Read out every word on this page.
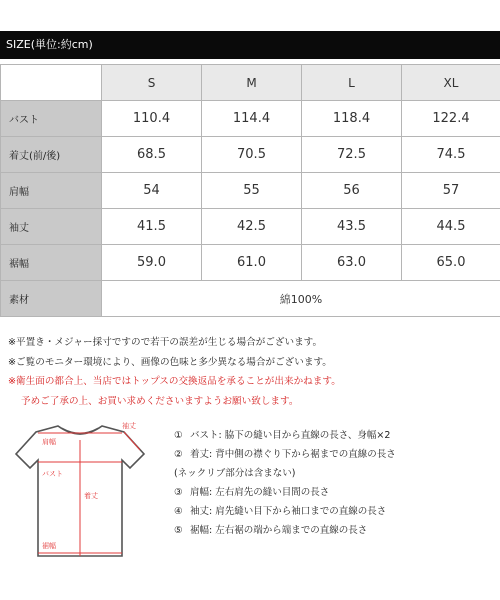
SIZE(単位:約cm)
	S	M	L	XL
バスト	110.4	114.4	118.4	122.4
着丈(前/後)	68.5	70.5	72.5	74.5
肩幅	54	55	56	57
袖丈	41.5	42.5	43.5	44.5
裾幅	59.0	61.0	63.0	65.0
素材	綿100%			
※平置き・メジャー採寸ですので若干の誤差が生じる場合がございます。
※ご覧のモニター環境により、画像の色味と多少異なる場合がございます。
※衛生面の都合上、当店ではトップスの交換返品を承ることが出来かねます。
予めご了承の上、お買い求めくださいますようお願い致します。
肩幅
袖丈
バスト
着丈
裾幅
① バスト: 脇下の縫い目から直線の長さ、身幅×2
② 着丈: 背中側の襟ぐり下から裾までの直線の長さ
(ネックリブ部分は含まない)
③ 肩幅: 左右肩先の縫い目間の長さ
④ 袖丈: 肩先縫い目下から袖口までの直線の長さ
⑤ 裾幅: 左右裾の端から端までの直線の長さ
